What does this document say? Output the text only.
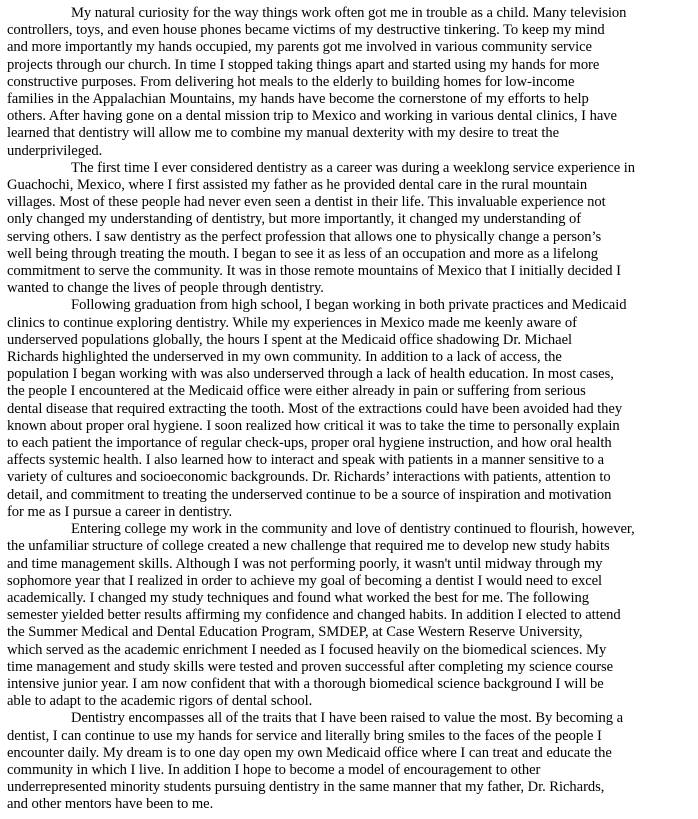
My natural curiosity for the way things work often got me in trouble as a child. Many television
controllers, toys, and even house phones became victims of my destructive tinkering. To keep my mind
and more importantly my hands occupied, my parents got me involved in various community service
projects through our church. In time I stopped taking things apart and started using my hands for more
constructive purposes. From delivering hot meals to the elderly to building homes for low-income
families in the Appalachian Mountains, my hands have become the cornerstone of my efforts to help
others. After having gone on a dental mission trip to Mexico and working in various dental clinics, I have
learned that dentistry will allow me to combine my manual dexterity with my desire to treat the
underprivileged.

The first time I ever considered dentistry as a career was during a weeklong service experience in
Guachochi, Mexico, where I first assisted my father as he provided dental care in the rural mountain
villages. Most of these people had never even seen a dentist in their life. This invaluable experience not
only changed my understanding of dentistry, but more importantly, it changed my understanding of
serving others. I saw dentistry as the perfect profession that allows one to physically change a person’s
well being through treating the mouth. I began to see it as less of an occupation and more as a lifelong
commitment to serve the community. It was in those remote mountains of Mexico that I initially decided I
wanted to change the lives of people through dentistry.

Following graduation from high school, I began working in both private practices and Medicaid
clinics to continue exploring dentistry. While my experiences in Mexico made me keenly aware of
underserved populations globally, the hours I spent at the Medicaid office shadowing Dr. Michael
Richards highlighted the underserved in my own community. In addition to a lack of access, the
population I began working with was also underserved through a lack of health education. In most cases,
the people I encountered at the Medicaid office were either already in pain or suffering from serious
dental disease that required extracting the tooth. Most of the extractions could have been avoided had they
known about proper oral hygiene. I soon realized how critical it was to take the time to personally explain
to each patient the importance of regular check-ups, proper oral hygiene instruction, and how oral health
affects systemic health. I also learned how to interact and speak with patients in a manner sensitive to a
variety of cultures and socioeconomic backgrounds. Dr. Richards’ interactions with patients, attention to
detail, and commitment to treating the underserved continue to be a source of inspiration and motivation
for me as I pursue a career in dentistry.

Entering college my work in the community and love of dentistry continued to flourish, however,
the unfamiliar structure of college created a new challenge that required me to develop new study habits
and time management skills. Although I was not performing poorly, it wasn't until midway through my
sophomore year that I realized in order to achieve my goal of becoming a dentist I would need to excel
academically. I changed my study techniques and found what worked the best for me. The following
semester yielded better results affirming my confidence and changed habits. In addition I elected to attend
the Summer Medical and Dental Education Program, SMDEP, at Case Western Reserve University,
which served as the academic enrichment I needed as I focused heavily on the biomedical sciences. My
time management and study skills were tested and proven successful after completing my science course
intensive junior year. I am now confident that with a thorough biomedical science background I will be
able to adapt to the academic rigors of dental school.

Dentistry encompasses all of the traits that I have been raised to value the most. By becoming a
dentist, I can continue to use my hands for service and literally bring smiles to the faces of the people I
encounter daily. My dream is to one day open my own Medicaid office where I can treat and educate the
community in which I live. In addition I hope to become a model of encouragement to other
underrepresented minority students pursuing dentistry in the same manner that my father, Dr. Richards,
and other mentors have been to me.
